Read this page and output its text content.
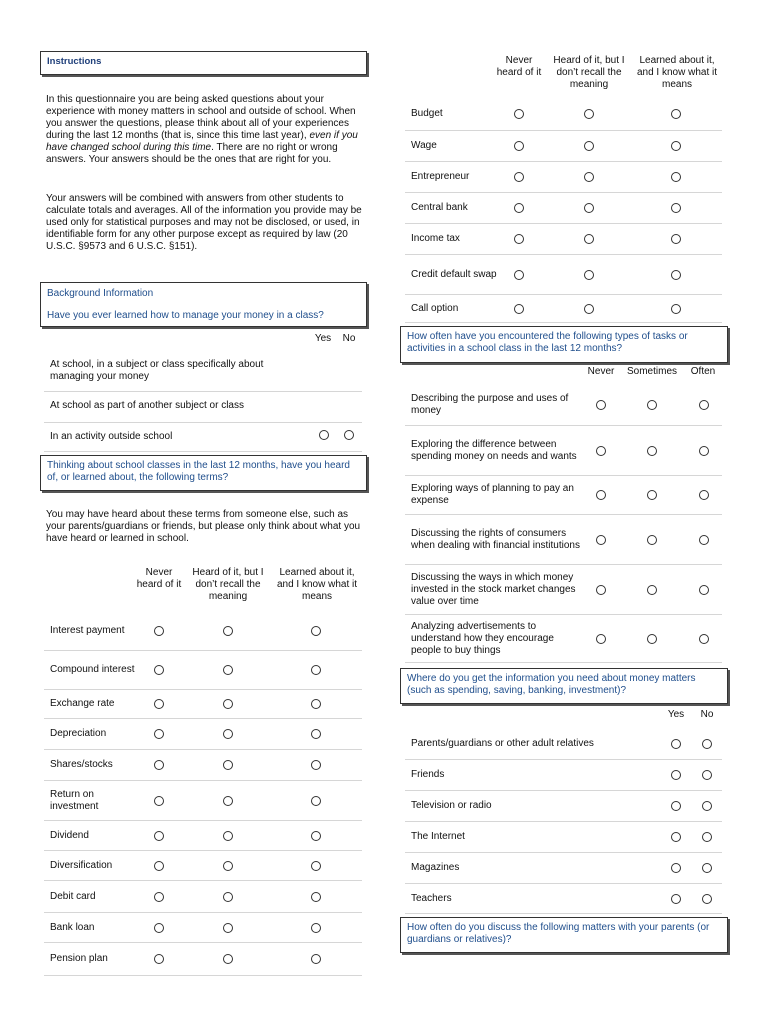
Instructions
In this questionnaire you are being asked questions about your experience with money matters in school and outside of school. When you answer the questions, please think about all of your experiences during the last 12 months (that is, since this time last year), even if you have changed school during this time. There are no right or wrong answers. Your answers should be the ones that are right for you.
Your answers will be combined with answers from other students to calculate totals and averages. All of the information you provide may be used only for statistical purposes and may not be disclosed, or used, in identifiable form for any other purpose except as required by law (20 U.S.C. §9573 and 6 U.S.C. §151).
Background Information
Have you ever learned how to manage your money in a class?
Yes	No
At school, in a subject or class specifically about managing your money
At school as part of another subject or class
In an activity outside school
Thinking about school classes in the last 12 months, have you heard of, or learned about, the following terms?
You may have heard about these terms from someone else, such as your parents/guardians or friends, but please only think about what you have heard or learned in school.
Never heard of it
Heard of it, but I don’t recall the meaning
Learned about it, and I know what it means
Interest payment
Compound interest
Exchange rate
Depreciation
Shares/stocks
Return on investment
Dividend
Diversification
Debit card
Bank loan
Pension plan
Never heard of it
Heard of it, but I don’t recall the meaning
Learned about it, and I know what it means
Budget
Wage
Entrepreneur
Central bank
Income tax
Credit default swap
Call option
How often have you encountered the following types of tasks or activities in a school class in the last 12 months?
Never	Sometimes	Often
Describing the purpose and uses of money
Exploring the difference between spending money on needs and wants
Exploring ways of planning to pay an expense
Discussing the rights of consumers when dealing with financial institutions
Discussing the ways in which money invested in the stock market changes value over time
Analyzing advertisements to understand how they encourage people to buy things
Where do you get the information you need about money matters (such as spending, saving, banking, investment)?
Yes	No
Parents/guardians or other adult relatives
Friends
Television or radio
The Internet
Magazines
Teachers
How often do you discuss the following matters with your parents (or guardians or relatives)?
